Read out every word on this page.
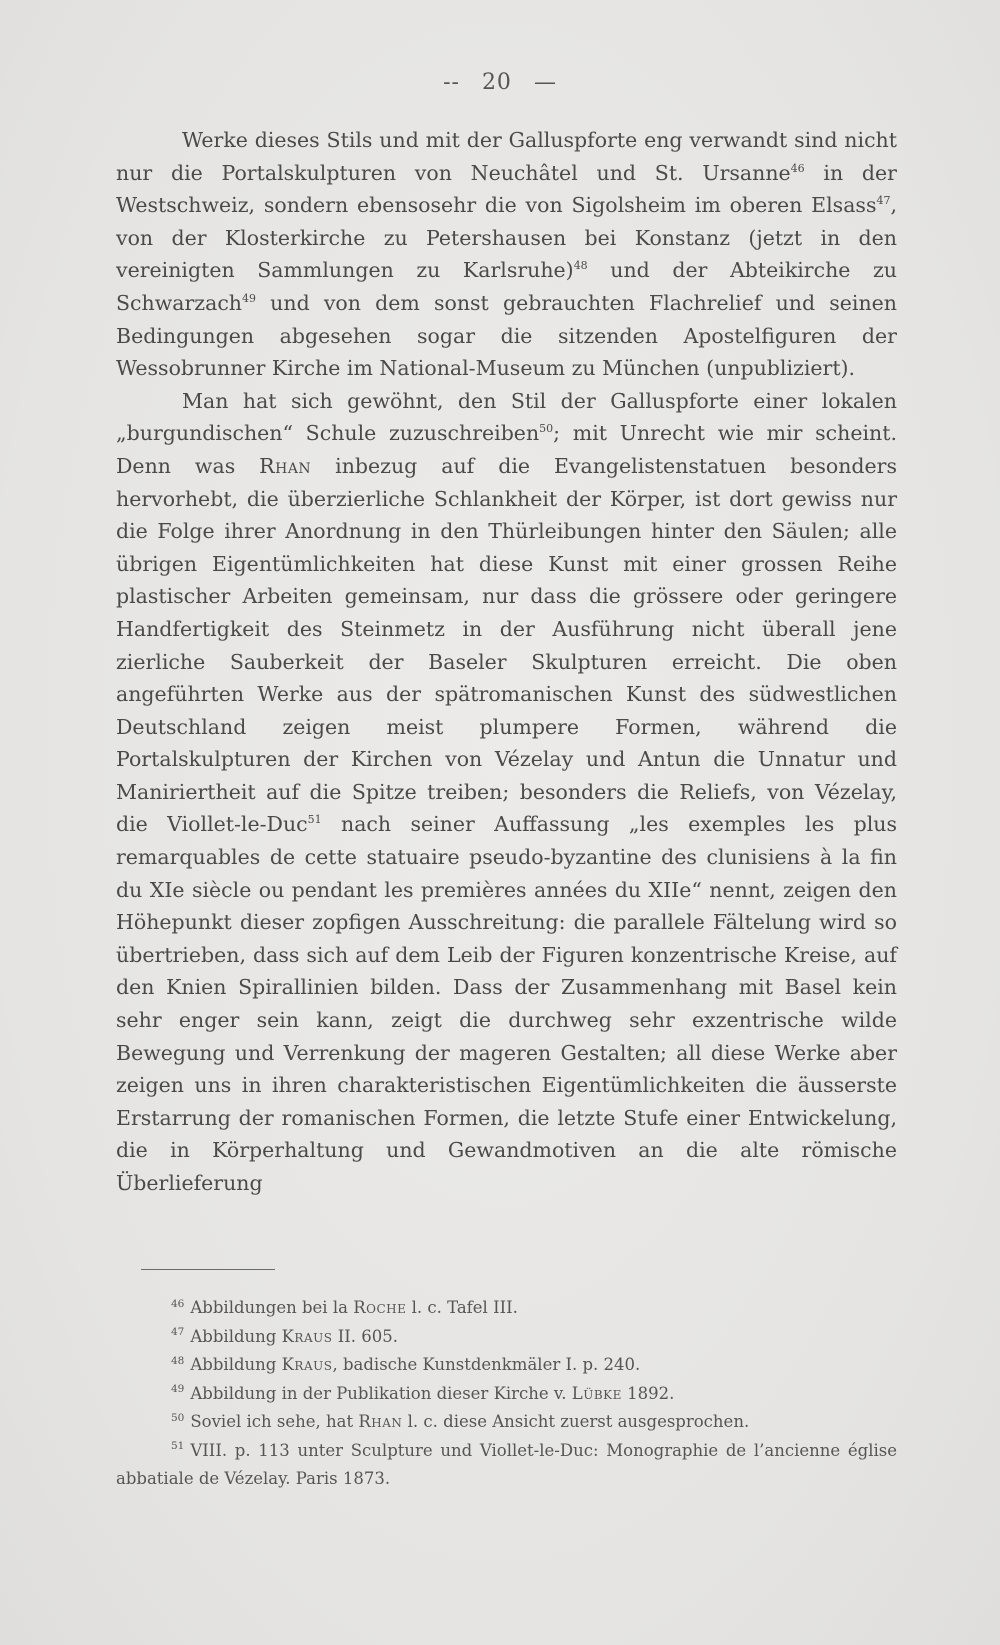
-- 20 —

Werke dieses Stils und mit der Galluspforte eng verwandt sind nicht nur die Portalskulpturen von Neuchâtel und St. Ursanne$^{46}$ in der Westschweiz, sondern ebensosehr die von Sigolsheim im oberen Elsass$^{47}$, von der Klosterkirche zu Petershausen bei Konstanz (jetzt in den vereinigten Sammlungen zu Karlsruhe)$^{48}$ und der Abteikirche zu Schwarzach$^{49}$ und von dem sonst gebrauchten Flachrelief und seinen Bedingungen abgesehen sogar die sitzenden Apostelfiguren der Wessobrunner Kirche im National-Museum zu München (unpubliziert).

Man hat sich gewöhnt, den Stil der Galluspforte einer lokalen „burgundischen“ Schule zuzuschreiben$^{50}$; mit Unrecht wie mir scheint. Denn was Rhan inbezug auf die Evangelistenstatuen besonders hervorhebt, die überzierliche Schlankheit der Körper, ist dort gewiss nur die Folge ihrer Anordnung in den Thürleibungen hinter den Säulen; alle übrigen Eigentümlichkeiten hat diese Kunst mit einer grossen Reihe plastischer Arbeiten gemeinsam, nur dass die grössere oder geringere Handfertigkeit des Steinmetz in der Ausführung nicht überall jene zierliche Sauberkeit der Baseler Skulpturen erreicht. Die oben angeführten Werke aus der spätromanischen Kunst des südwestlichen Deutschland zeigen meist plumpere Formen, während die Portalskulpturen der Kirchen von Vézelay und Antun die Unnatur und Maniriertheit auf die Spitze treiben; besonders die Reliefs, von Vézelay, die Viollet-le-Duc$^{51}$ nach seiner Auffassung „les exemples les plus remarquables de cette statuaire pseudo-byzantine des clunisiens à la fin du XIe siècle ou pendant les premières années du XIIe“ nennt, zeigen den Höhepunkt dieser zopfigen Ausschreitung: die parallele Fältelung wird so übertrieben, dass sich auf dem Leib der Figuren konzentrische Kreise, auf den Knien Spirallinien bilden. Dass der Zusammenhang mit Basel kein sehr enger sein kann, zeigt die durchweg sehr exzentrische wilde Bewegung und Verrenkung der mageren Gestalten; all diese Werke aber zeigen uns in ihren charakteristischen Eigentümlichkeiten die äusserste Erstarrung der romanischen Formen, die letzte Stufe einer Entwickelung, die in Körperhaltung und Gewandmotiven an die alte römische Überlieferung

$^{46}$ Abbildungen bei la Roche l. c. Tafel III.

$^{47}$ Abbildung Kraus II. 605.

$^{48}$ Abbildung Kraus, badische Kunstdenkmäler I. p. 240.

$^{49}$ Abbildung in der Publikation dieser Kirche v. Lübke 1892.

$^{50}$ Soviel ich sehe, hat Rhan l. c. diese Ansicht zuerst ausgesprochen.

$^{51}$ VIII. p. 113 unter Sculpture und Viollet-le-Duc: Monographie de l’ancienne église abbatiale de Vézelay. Paris 1873.
